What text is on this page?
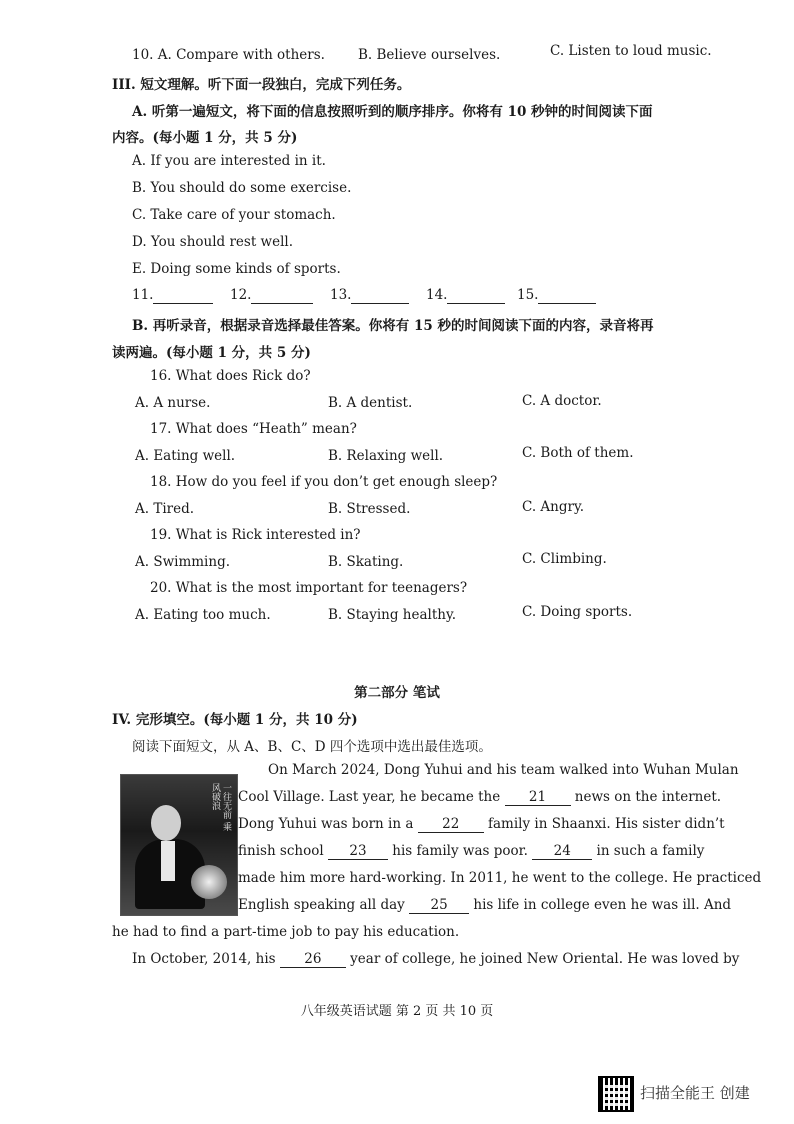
10. A. Compare with others. B. Believe ourselves.	C. Listen to loud music.
III. 短文理解。听下面一段独白，完成下列任务。
A. 听第一遍短文，将下面的信息按照听到的顺序排序。你将有 10 秒钟的时间阅读下面
内容。(每小题 1 分，共 5 分)
A. If you are interested in it.
B. You should do some exercise.
C. Take care of your stomach.
D. You should rest well.
E. Doing some kinds of sports.
11.	12.	13.	14.	15.
B. 再听录音，根据录音选择最佳答案。你将有 15 秒的时间阅读下面的内容，录音将再
读两遍。(每小题 1 分，共 5 分)
16. What does Rick do?
A. A nurse.	B. A dentist.	C. A doctor.
17. What does “Heath” mean?
A. Eating well.	B. Relaxing well.	C. Both of them.
18. How do you feel if you don’t get enough sleep?
A. Tired.	B. Stressed.	C. Angry.
19. What is Rick interested in?
A. Swimming.	B. Skating.	C. Climbing.
20. What is the most important for teenagers?
A. Eating too much.	B. Staying healthy.	C. Doing sports.
第二部分 笔试
IV. 完形填空。(每小题 1 分，共 10 分)
阅读下面短文，从 A、B、C、D 四个选项中选出最佳选项。
一往无前 乘风破浪
On March 2024, Dong Yuhui and his team walked into Wuhan Mulan
Cool Village. Last year, he became the 21 news on the internet.
Dong Yuhui was born in a 22 family in Shaanxi. His sister didn’t
finish school 23 his family was poor. 24 in such a family
made him more hard-working. In 2011, he went to the college. He practiced
English speaking all day 25 his life in college even he was ill. And
he had to find a part-time job to pay his education.
In October, 2014, his 26 year of college, he joined New Oriental. He was loved by
八年级英语试题 第 2 页 共 10 页
扫描全能王 创建
